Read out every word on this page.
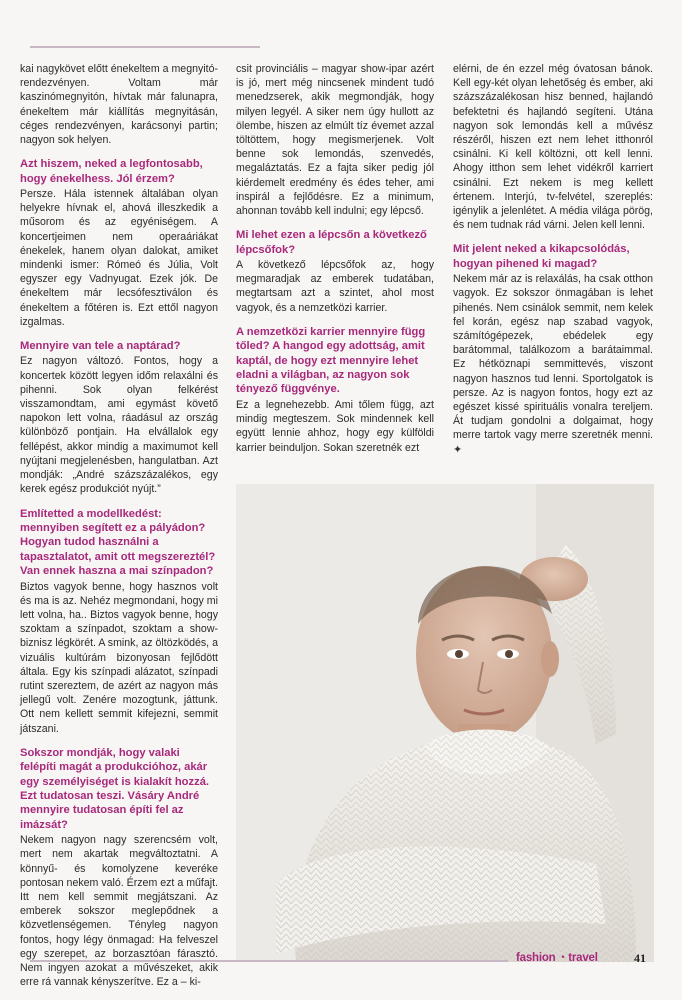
kai nagykövet előtt énekeltem a megnyitó-rendezvényen. Voltam már kaszinómegnyitón, hívtak már falunapra, énekeltem már kiállítás megnyitásán, céges rendezvényen, karácsonyi partin; nagyon sok helyen.

Azt hiszem, neked a legfontosabb, hogy énekelhess. Jól érzem?

Persze. Hála istennek általában olyan helyekre hívnak el, ahová illeszkedik a műsorom és az egyéniségem. A koncertjeimen nem operaáriákat énekelek, hanem olyan dalokat, amiket mindenki ismer: Rómeó és Júlia, Volt egyszer egy Vadnyugat. Ezek jók. De énekeltem már lecsófesztiválon és énekeltem a főtéren is. Ezt ettől nagyon izgalmas.

Mennyire van tele a naptárad?

Ez nagyon változó. Fontos, hogy a koncertek között legyen időm relaxálni és pihenni. Sok olyan felkérést visszamondtam, ami egymást követő napokon lett volna, ráadásul az ország különböző pontjain. Ha elvállalok egy fellépést, akkor mindig a maximumot kell nyújtani megjelenésben, hangulatban. Azt mondják: „André százszázalékos, egy kerek egész produkciót nyújt.”

Említetted a modellkedést: mennyiben segített ez a pályádon? Hogyan tudod használni a tapasztalatot, amit ott megszereztél? Van ennek haszna a mai színpadon?

Biztos vagyok benne, hogy hasznos volt és ma is az. Nehéz megmondani, hogy mi lett volna, ha.. Biztos vagyok benne, hogy szoktam a színpadot, szoktam a show-biznisz légkörét. A smink, az öltözködés, a vizuális kultúrám bizonyosan fejlődött általa. Egy kis színpadi alázatot, színpadi rutint szereztem, de azért az nagyon más jellegű volt. Zenére mozogtunk, játtunk. Ott nem kellett semmit kifejezni, semmit játszani.

Sokszor mondják, hogy valaki felépíti magát a produkcióhoz, akár egy személyiséget is kialakít hozzá. Ezt tudatosan teszi. Vásáry André mennyire tudatosan építi fel az imázsát?

Nekem nagyon nagy szerencsém volt, mert nem akartak megváltoztatni. A könnyű- és komolyzene keveréke pontosan nekem való. Érzem ezt a műfajt. Itt nem kell semmit megjátszani. Az emberek sokszor meglepődnek a közvetlenségemen. Tényleg nagyon fontos, hogy légy önmagad: Ha felveszel egy szerepet, az borzasztóan fárasztó. Nem ingyen azokat a művészeket, akik erre rá vannak kényszerítve. Ez a – ki-

csit provinciális – magyar show-ipar azért is jó, mert még nincsenek mindent tudó menedzserek, akik megmondják, hogy milyen legyél. A siker nem úgy hullott az ölembe, hiszen az elmúlt tíz évemet azzal töltöttem, hogy megismerjenek. Volt benne sok lemondás, szenvedés, megaláztatás. Ez a fajta siker pedig jól kiérdemelt eredmény és édes teher, ami inspirál a fejlődésre. Ez a minimum, ahonnan tovább kell indulni; egy lépcső.

Mi lehet ezen a lépcsőn a következő lépcsőfok?

A következő lépcsőfok az, hogy megmaradjak az emberek tudatában, megtartsam azt a szintet, ahol most vagyok, és a nemzetközi karrier.

A nemzetközi karrier mennyire függ tőled? A hangod egy adottság, amit kaptál, de hogy ezt mennyire lehet eladni a világban, az nagyon sok tényező függvénye.

Ez a legnehezebb. Ami tőlem függ, azt mindig megteszem. Sok mindennek kell együtt lennie ahhoz, hogy egy külföldi karrier beinduljon. Sokan szeretnék ezt

elérni, de én ezzel még óvatosan bánok. Kell egy-két olyan lehetőség és ember, aki százszázalékosan hisz benned, hajlandó befektetni és hajlandó segíteni. Utána nagyon sok lemondás kell a művész részéről, hiszen ezt nem lehet itthonról csinálni. Ki kell költözni, ott kell lenni. Ahogy itthon sem lehet vidékről karriert csinálni. Ezt nekem is meg kellett értenem. Interjú, tv-felvétel, szereplés: igénylik a jelenlétet. A média világa pörög, és nem tudnak rád várni. Jelen kell lenni.

Mit jelent neked a kikapcsolódás, hogyan pihened ki magad?

Nekem már az is relaxálás, ha csak otthon vagyok. Ez sokszor önmagában is lehet pihenés. Nem csinálok semmit, nem kelek fel korán, egész nap szabad vagyok, számítógépezek, ebédelek egy barátommal, találkozom a barátaimmal. Ez hétköznapi semmittevés, viszont nagyon hasznos tud lenni. Sportolgatok is persze. Az is nagyon fontos, hogy ezt az egészet kissé spirituális vonalra tereljem. Át tudjam gondolni a dolgaimat, hogy merre tartok vagy merre szeretnék menni. ✦

fashion ◔ travel	41
